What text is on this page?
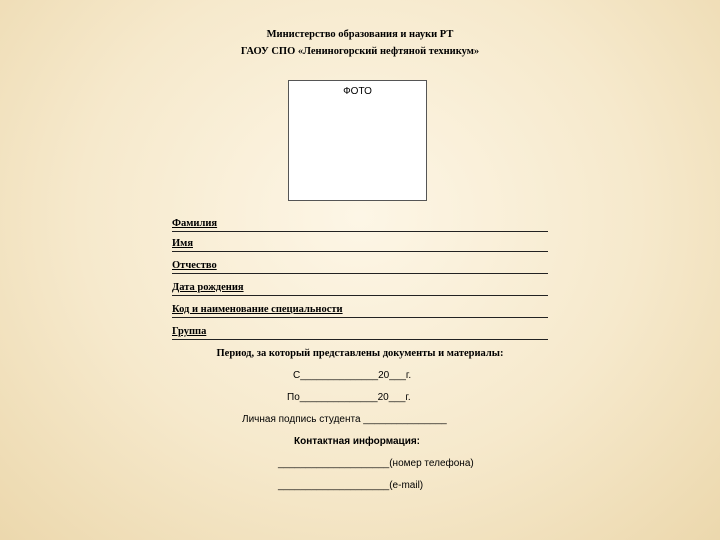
Министерство образования и науки РТ
ГАОУ СПО «Лениногорский нефтяной техникум»
ФОТО
Фамилия
Имя
Отчество
Дата рождения
Код и наименование специальности
Группа
Период, за который представлены документы и материалы:
С______________20___г.
По______________20___г.
Личная подпись студента _______________
Контактная информация:
____________________(номер телефона)
____________________(e-mail)
